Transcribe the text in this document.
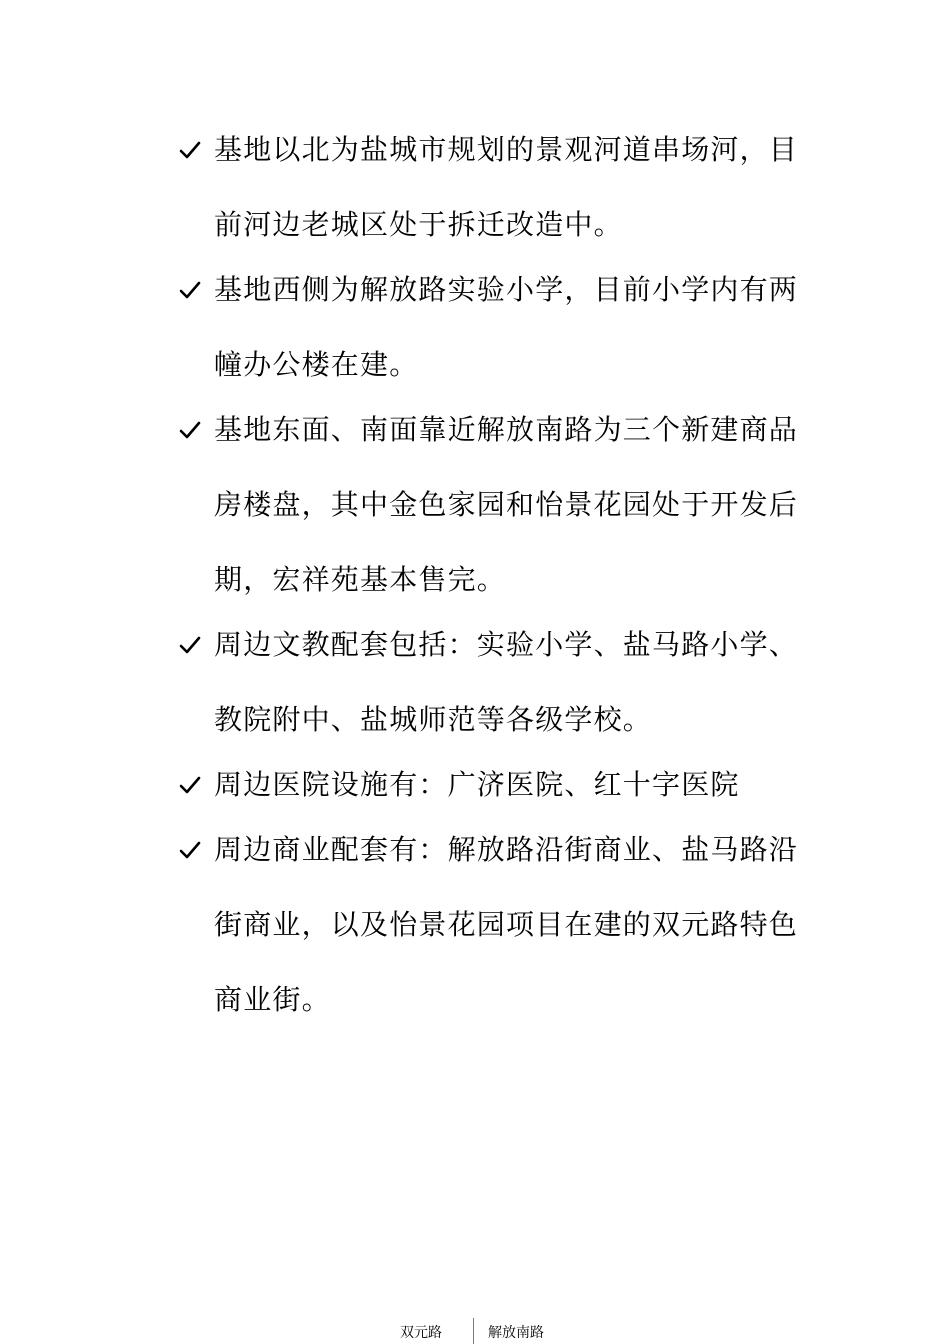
基地以北为盐城市规划的景观河道串场河，目前河边老城区处于拆迁改造中。
基地西侧为解放路实验小学，目前小学内有两幢办公楼在建。
基地东面、南面靠近解放南路为三个新建商品房楼盘，其中金色家园和怡景花园处于开发后期，宏祥苑基本售完。
周边文教配套包括：实验小学、盐马路小学、教院附中、盐城师范等各级学校。
周边医院设施有：广济医院、红十字医院
周边商业配套有：解放路沿街商业、盐马路沿街商业，以及怡景花园项目在建的双元路特色商业街。
双元路	解放南路
